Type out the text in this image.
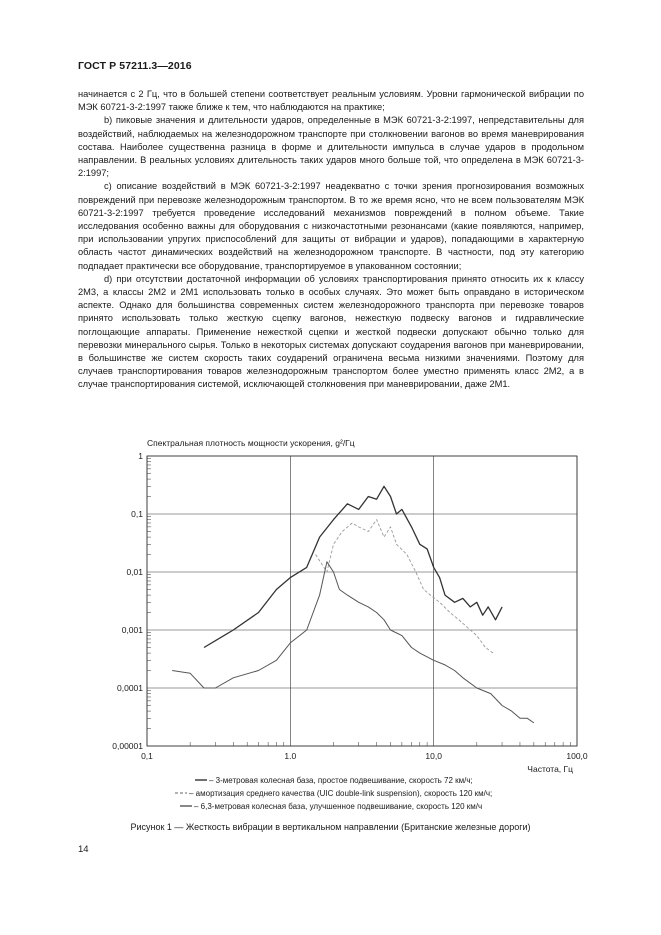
ГОСТ Р 57211.3—2016

начинается с 2 Гц, что в большей степени соответствует реальным условиям. Уровни гармонической вибрации по МЭК 60721-3-2:1997 также ближе к тем, что наблюдаются на практике;

b) пиковые значения и длительности ударов, определенные в МЭК 60721-3-2:1997, непредставительны для воздействий, наблюдаемых на железнодорожном транспорте при столкновении вагонов во время маневрирования состава. Наиболее существенна разница в форме и длительности импульса в случае ударов в продольном направлении. В реальных условиях длительность таких ударов много больше той, что определена в МЭК 60721-3-2:1997;

c) описание воздействий в МЭК 60721-3-2:1997 неадекватно с точки зрения прогнозирования возможных повреждений при перевозке железнодорожным транспортом. В то же время ясно, что не всем пользователям МЭК 60721-3-2:1997 требуется проведение исследований механизмов повреждений в полном объеме. Такие исследования особенно важны для оборудования с низкочастотными резонансами (какие появляются, например, при использовании упругих приспособлений для защиты от вибрации и ударов), попадающими в характерную область частот динамических воздействий на железнодорожном транспорте. В частности, под эту категорию подпадает практически все оборудование, транспортируемое в упакованном состоянии;

d) при отсутствии достаточной информации об условиях транспортирования принято относить их к классу 2М3, а классы 2М2 и 2М1 использовать только в особых случаях. Это может быть оправдано в историческом аспекте. Однако для большинства современных систем железнодорожного транспорта при перевозке товаров принято использовать только жесткую сцепку вагонов, нежесткую подвеску вагонов и гидравлические поглощающие аппараты. Применение нежесткой сцепки и жесткой подвески допускают обычно только для перевозки минерального сырья. Только в некоторых системах допускают соударения вагонов при маневрировании, в большинстве же систем скорость таких соударений ограничена весьма низкими значениями. Поэтому для случаев транспортирования товаров железнодорожным транспортом более уместно применять класс 2М2, а в случае транспортирования системой, исключающей столкновения при маневрировании, даже 2М1.

0,1	1.0	10,0	100,0
1
0,1
0,01
0,001
0,0001
0,00001
Спектральная плотность мощности ускорения, g²/Гц
Частота, Гц
– 3-метровая колесная база, простое подвешивание, скорость 72 км/ч;
– амортизация среднего качества (UIC double-link suspension), скорость 120 км/ч;
– 6,3-метровая колесная база, улучшенное подвешивание, скорость 120 км/ч
Рисунок 1 — Жесткость вибрации в вертикальном направлении (Британские железные дороги)
14
